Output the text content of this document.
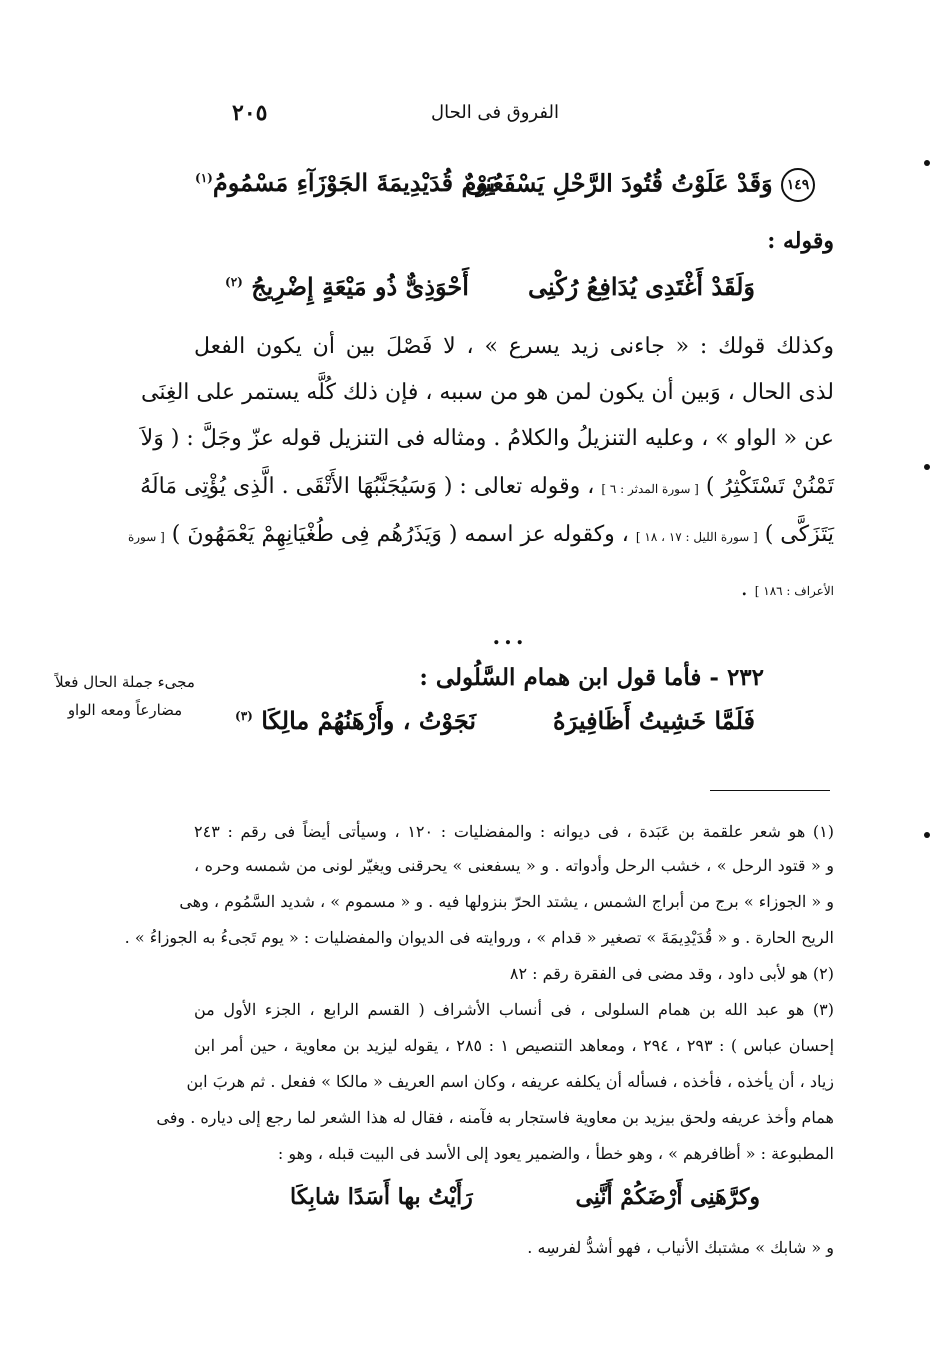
٢٠٥	الفروق فى الحال
١٤٩ وَقَدْ عَلَوْتُ قُتُودَ الرَّحْلِ يَسْفَعُنِى
يَوْمٌ قُدَيْدِيمَةَ الجَوْزَآءِ مَسْمُومُ$^{(١)}$
وقوله :
وَلَقَدْ أَغْتَدِى يُدَافِعُ رُكْنِى
أَحْوَذِىٌّ ذُو مَيْعَةٍ إِضْرِيجُ $^{(٢)}$
وكذلك قولك : « جاءنى زيد يسرع » ، لا فَصْلَ بين أن يكون الفعل
لذى الحال ، وَبين أن يكون لمن هو من سببه ، فإن ذلك كُلَّه يستمر على الغِنَى
عن « الواو » ، وعليه التنزيلُ والكلامُ . ومثاله فى التنزيل قوله عزّ وجَلَّ : ( وَلاَ
تَمْنُنْ تَسْتَكْثِرُ ) [ سورة المدثر : ٦ ] ، وقوله تعالى : ( وَسَيُجَنَّبُهَا الأَتْقَى . الَّذِى يُؤْتِى مَالَهُ
يَتَزَكَّى ) [ سورة الليل : ١٧ ، ١٨ ] ، وكقوله عز اسمه ( وَيَذَرُهُم فِى طُغْيَانِهِمْ يَعْمَهُونَ ) [ سورة
الأعراف : ١٨٦ ] .
...
٢٣٢ - فأما قول ابن همام السَّلُولى :
مجىء جملة الحال فعلاً
مضارعاً ومعه الواو	فَلَمَّا خَشِيتُ أَظَافِيرَهُ
نَجَوْتُ ، وأَرْهَنُهُمْ مالِكَا $^{(٣)}$
(١) هو شعر علقمة بن عَبَدة ، فى ديوانه : والمفضليات : ١٢٠ ، وسيأتى أيضاً فى رقم : ٢٤٣
و « قتود الرحل » ، خشب الرحل وأدواته . و « يسفعنى » يحرقنى ويغيّر لونى من شمسه وحره ،
و « الجوزاء » برج من أبراج الشمس ، يشتد الحرّ بنزولها فيه . و « مسموم » ، شديد السَّمُوم ، وهى
الريح الحارة . و « قُدَيْدِيمَةَ » تصغير « قدام » ، وروايته فى الديوان والمفضليات : « يوم تَجىءُ به الجوزاءُ » .
(٢) هو لأبى داود ، وقد مضى فى الفقرة رقم : ٨٢
(٣) هو عبد الله بن همام السلولى ، فى أنساب الأشراف ( القسم الرابع ، الجزء الأول من
إحسان عباس ) : ٢٩٣ ، ٢٩٤ ، ومعاهد التنصيص ١ : ٢٨٥ ، يقوله ليزيد بن معاوية ، حين أمر ابن
زياد ، أن يأخذه ، فأخذه ، فسأله أن يكلفه عريفه ، وكان اسم العريف « مالكا » ففعل . ثم هربَ ابن
همام وأخذ عريفه ولحق بيزيد بن معاوية فاستجار به فآمنه ، فقال له هذا الشعر لما رجع إلى دياره . وفى
المطبوعة : « أظافرهم » ، وهو خطأ ، والضمير يعود إلى الأسد فى البيت قبله ، وهو :
وكرَّهَنِى أَرْضَكُمْ أَنَّنِى
رَأَيْتُ بها أَسَدًا شابِكَا
و « شابك » مشتبك الأنياب ، فهو أشدُّ لفرسِه .
